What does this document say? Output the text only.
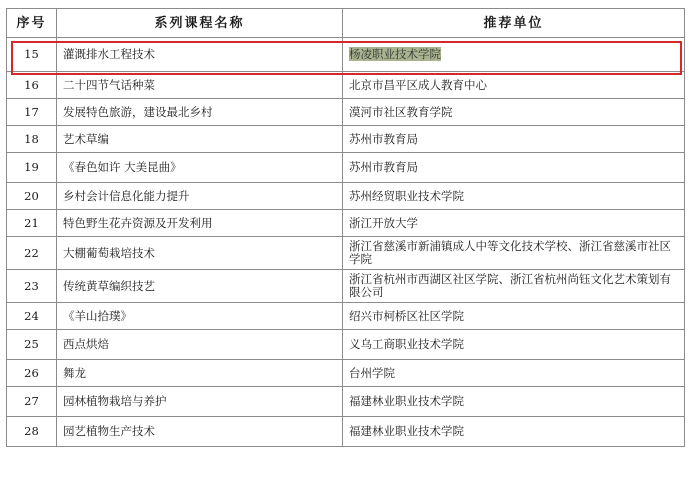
序号	系列课程名称	推荐单位
15	灌溉排水工程技术	杨凌职业技术学院
16	二十四节气话种菜	北京市昌平区成人教育中心
17	发展特色旅游，建设最北乡村	漠河市社区教育学院
18	艺术草编	苏州市教育局
19	《春色如许 大美昆曲》	苏州市教育局
20	乡村会计信息化能力提升	苏州经贸职业技术学院
21	特色野生花卉资源及开发利用	浙江开放大学
22	大棚葡萄栽培技术	浙江省慈溪市新浦镇成人中等文化技术学校、浙江省慈溪市社区学院
23	传统黄草编织技艺	浙江省杭州市西湖区社区学院、浙江省杭州尚钰文化艺术策划有限公司
24	《羊山拾璞》	绍兴市柯桥区社区学院
25	西点烘焙	义乌工商职业技术学院
26	舞龙	台州学院
27	园林植物栽培与养护	福建林业职业技术学院
28	园艺植物生产技术	福建林业职业技术学院
